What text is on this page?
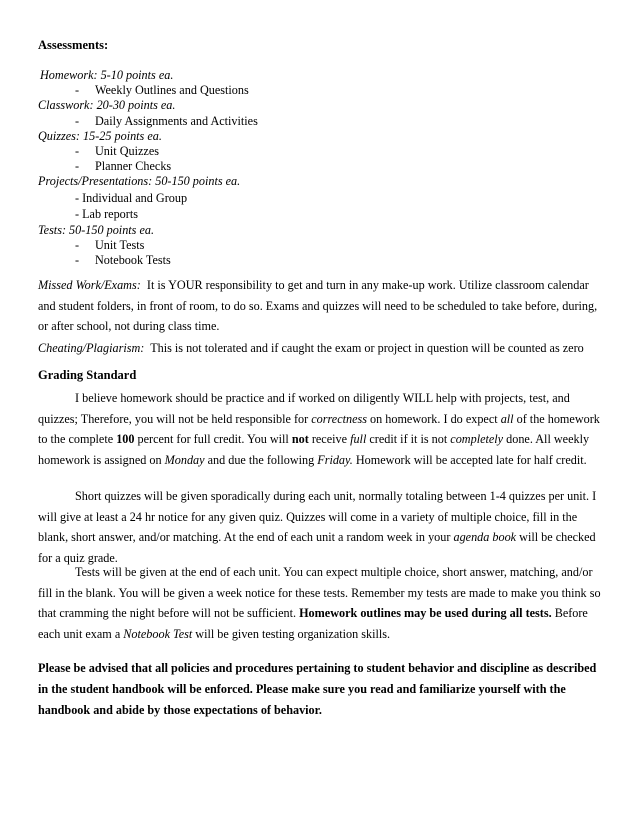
Assessments:
Homework: 5-10 points ea.
- Weekly Outlines and Questions
Classwork: 20-30 points ea.
- Daily Assignments and Activities
Quizzes: 15-25 points ea.
- Unit Quizzes
- Planner Checks
Projects/Presentations: 50-150 points ea.
- Individual and Group
- Lab reports
Tests: 50-150 points ea.
- Unit Tests
- Notebook Tests

Missed Work/Exams: It is YOUR responsibility to get and turn in any make-up work. Utilize classroom calendar and student folders, in front of room, to do so. Exams and quizzes will need to be scheduled to take before, during, or after school, not during class time.

Cheating/Plagiarism: This is not tolerated and if caught the exam or project in question will be counted as zero

Grading Standard

I believe homework should be practice and if worked on diligently WILL help with projects, test, and quizzes; Therefore, you will not be held responsible for correctness on homework. I do expect all of the homework to the complete 100 percent for full credit. You will not receive full credit if it is not completely done. All weekly homework is assigned on Monday and due the following Friday. Homework will be accepted late for half credit.

Short quizzes will be given sporadically during each unit, normally totaling between 1-4 quizzes per unit. I will give at least a 24 hr notice for any given quiz. Quizzes will come in a variety of multiple choice, fill in the blank, short answer, and/or matching. At the end of each unit a random week in your agenda book will be checked for a quiz grade.

Tests will be given at the end of each unit. You can expect multiple choice, short answer, matching, and/or fill in the blank. You will be given a week notice for these tests. Remember my tests are made to make you think so that cramming the night before will not be sufficient. Homework outlines may be used during all tests. Before each unit exam a Notebook Test will be given testing organization skills.

Please be advised that all policies and procedures pertaining to student behavior and discipline as described in the student handbook will be enforced. Please make sure you read and familiarize yourself with the handbook and abide by those expectations of behavior.
